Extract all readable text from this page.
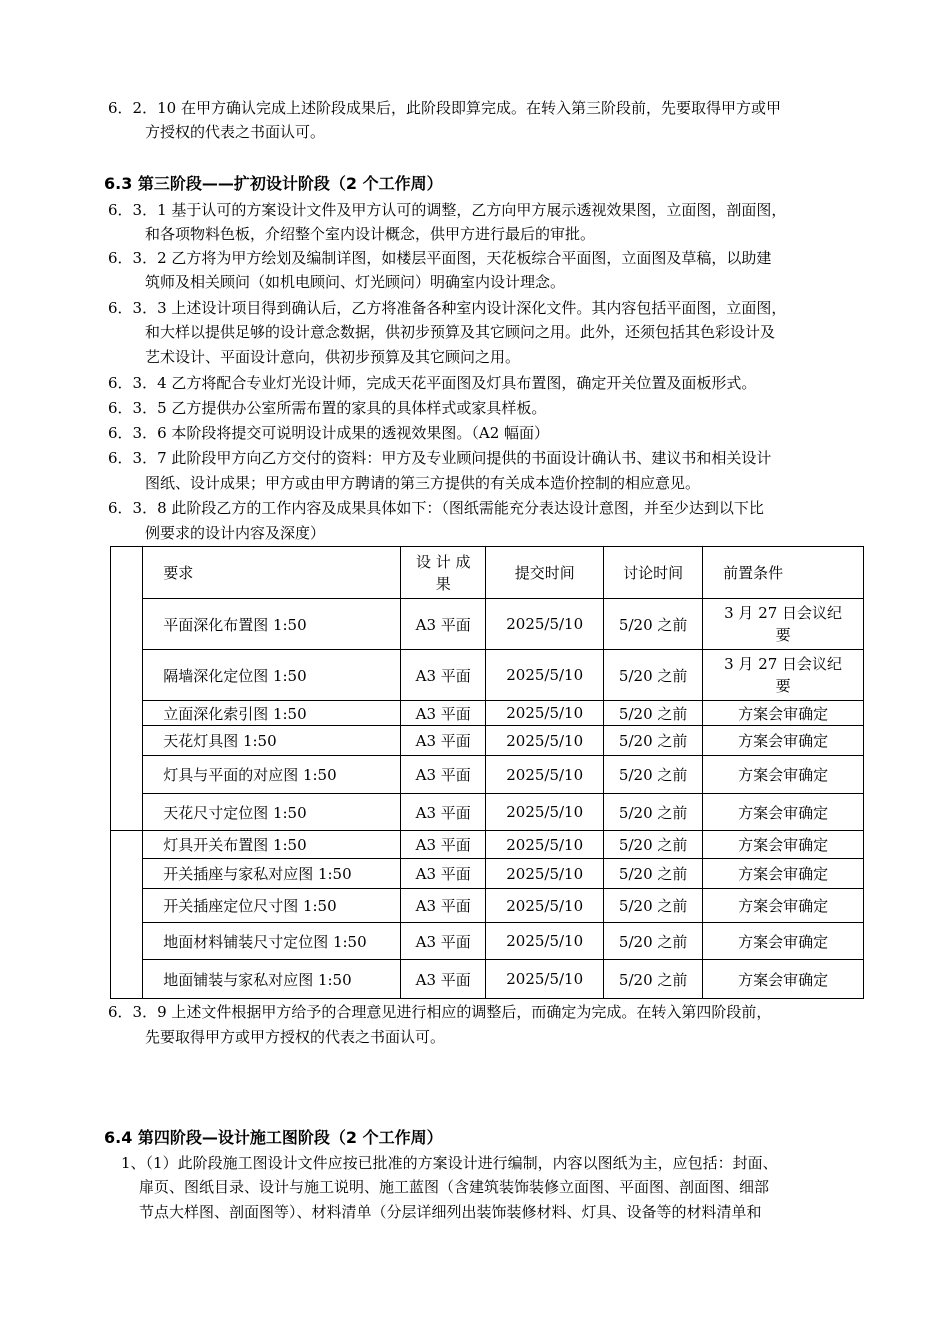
6．2．10 在甲方确认完成上述阶段成果后，此阶段即算完成。在转入第三阶段前，先要取得甲方或甲
方授权的代表之书面认可。
6.3 第三阶段——扩初设计阶段（2 个工作周）
6．3．1 基于认可的方案设计文件及甲方认可的调整，乙方向甲方展示透视效果图，立面图，剖面图，
和各项物料色板，介绍整个室内设计概念，供甲方进行最后的审批。
6．3．2 乙方将为甲方绘划及编制详图，如楼层平面图，天花板综合平面图，立面图及草稿，以助建
筑师及相关顾问（如机电顾问、灯光顾问）明确室内设计理念。
6．3．3 上述设计项目得到确认后，乙方将准备各种室内设计深化文件。其内容包括平面图，立面图，
和大样以提供足够的设计意念数据，供初步预算及其它顾问之用。此外，还须包括其色彩设计及
艺术设计、平面设计意向，供初步预算及其它顾问之用。
6．3．4 乙方将配合专业灯光设计师，完成天花平面图及灯具布置图，确定开关位置及面板形式。
6．3．5 乙方提供办公室所需布置的家具的具体样式或家具样板。
6．3．6 本阶段将提交可说明设计成果的透视效果图。（A2 幅面）
6．3．7 此阶段甲方向乙方交付的资料：甲方及专业顾问提供的书面设计确认书、建议书和相关设计
图纸、设计成果；甲方或由甲方聘请的第三方提供的有关成本造价控制的相应意见。
6．3．8 此阶段乙方的工作内容及成果具体如下：（图纸需能充分表达设计意图，并至少达到以下比
例要求的设计内容及深度）
	要求	设 计 成
果	提交时间	讨论时间	前置条件
	平面深化布置图 1:50	A3 平面	2025/5/10	5/20 之前	3 月 27 日会议纪
要
	隔墙深化定位图 1:50	A3 平面	2025/5/10	5/20 之前	3 月 27 日会议纪
要
	立面深化索引图 1:50	A3 平面	2025/5/10	5/20 之前	方案会审确定
	天花灯具图 1:50	A3 平面	2025/5/10	5/20 之前	方案会审确定
	灯具与平面的对应图 1:50	A3 平面	2025/5/10	5/20 之前	方案会审确定
	天花尺寸定位图 1:50	A3 平面	2025/5/10	5/20 之前	方案会审确定
	灯具开关布置图 1:50	A3 平面	2025/5/10	5/20 之前	方案会审确定
	开关插座与家私对应图 1:50	A3 平面	2025/5/10	5/20 之前	方案会审确定
	开关插座定位尺寸图 1:50	A3 平面	2025/5/10	5/20 之前	方案会审确定
	地面材料铺装尺寸定位图 1:50	A3 平面	2025/5/10	5/20 之前	方案会审确定
	地面铺装与家私对应图 1:50	A3 平面	2025/5/10	5/20 之前	方案会审确定
6．3．9 上述文件根据甲方给予的合理意见进行相应的调整后，而确定为完成。在转入第四阶段前，
先要取得甲方或甲方授权的代表之书面认可。
6.4 第四阶段—设计施工图阶段（2 个工作周）
1、（1）此阶段施工图设计文件应按已批准的方案设计进行编制，内容以图纸为主，应包括：封面、
扉页、图纸目录、设计与施工说明、施工蓝图（含建筑装饰装修立面图、平面图、剖面图、细部
节点大样图、剖面图等）、材料清单（分层详细列出装饰装修材料、灯具、设备等的材料清单和
